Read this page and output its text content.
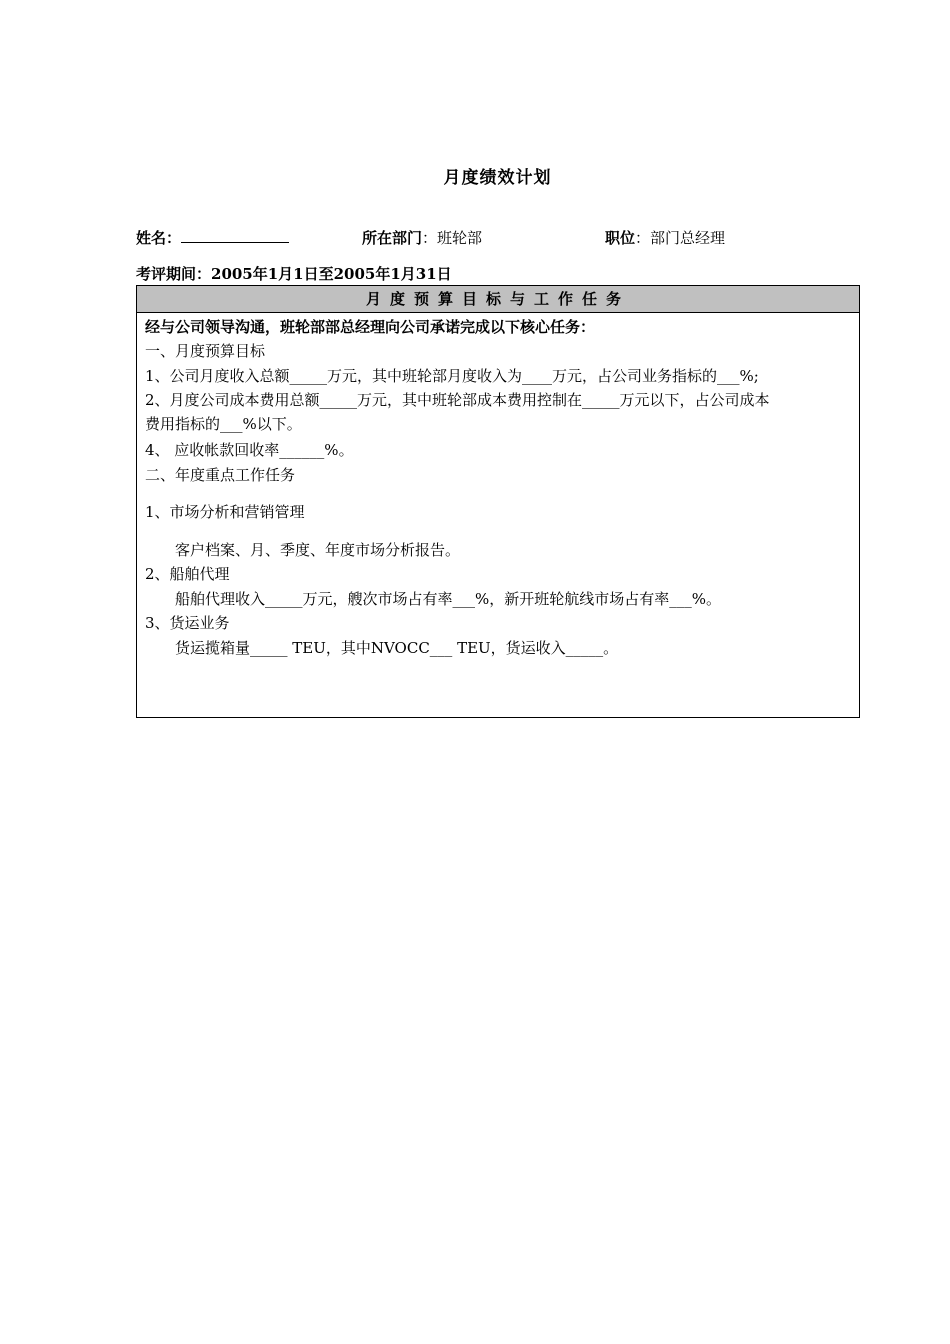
月度绩效计划
姓名：	所在部门：班轮部	职位：部门总经理
考评期间：2005年1月1日至2005年1月31日
月度预算目标与工作任务
经与公司领导沟通，班轮部部总经理向公司承诺完成以下核心任务：
一、月度预算目标
1、公司月度收入总额_____万元，其中班轮部月度收入为____万元，占公司业务指标的___%;
2、月度公司成本费用总额_____万元，其中班轮部成本费用控制在_____万元以下，占公司成本
费用指标的___%以下。
4、 应收帐款回收率______%。
二、年度重点工作任务
1、市场分析和营销管理
客户档案、月、季度、年度市场分析报告。
2、船舶代理
船舶代理收入_____万元，艘次市场占有率___%，新开班轮航线市场占有率___%。
3、货运业务
货运揽箱量_____ TEU，其中NVOCC___ TEU，货运收入_____。
